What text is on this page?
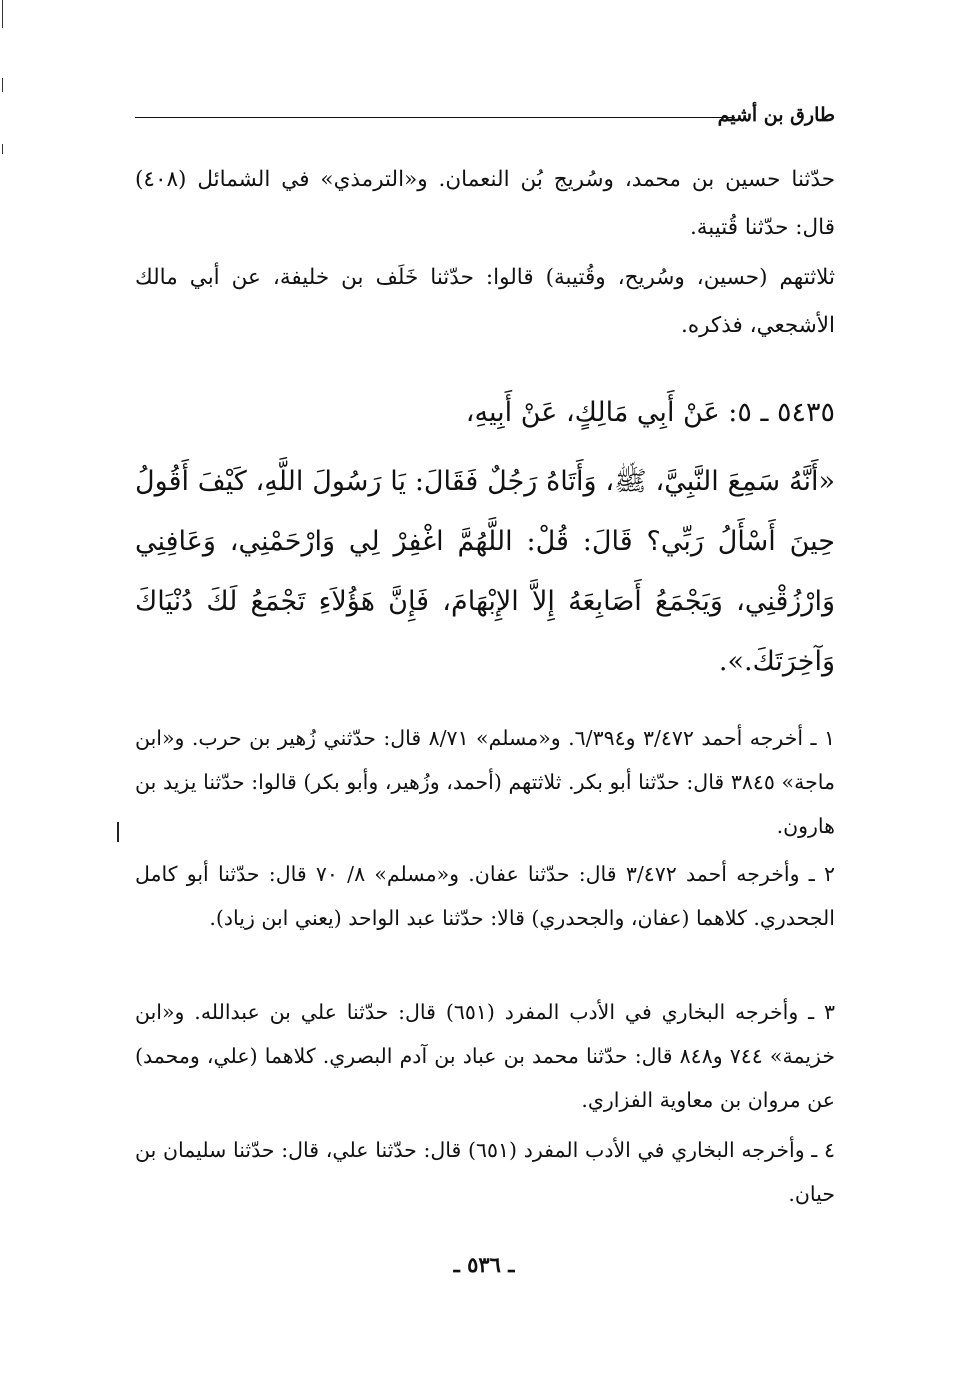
طارق بن أشيم

حدّثنا حسين بن محمد، وسُريج بُن النعمان. و«الترمذي» في الشمائل (٤٠٨) قال: حدّثنا قُتيبة.

ثلاثتهم (حسين، وسُريح، وقُتيبة) قالوا: حدّثنا خَلَف بن خليفة، عن أبي مالك الأشجعي، فذكره.

٥٤٣٥ ـ ٥: عَنْ أَبِي مَالِكٍ، عَنْ أَبِيهِ،

«أَنَّهُ سَمِعَ النَّبِيَّ، ﷺ، وَأَتَاهُ رَجُلٌ فَقَالَ: يَا رَسُولَ اللَّهِ، كَيْفَ أَقُولُ حِينَ أَسْأَلُ رَبِّي؟ قَالَ: قُلْ: اللَّهُمَّ اغْفِرْ لِي وَارْحَمْنِي، وَعَافِنِي وَارْزُقْنِي، وَيَجْمَعُ أَصَابِعَهُ إِلاَّ الإِبْهَامَ، فَإِنَّ هَؤُلاَءِ تَجْمَعُ لَكَ دُنْيَاكَ وَآخِرَتَكَ.».

١ ـ أخرجه أحمد ٣/٤٧٢ و٦/٣٩٤. و«مسلم» ٨/٧١ قال: حدّثني زُهير بن حرب. و«ابن ماجة» ٣٨٤٥ قال: حدّثنا أبو بكر. ثلاثتهم (أحمد، وزُهير، وأبو بكر) قالوا: حدّثنا يزيد بن هارون.

٢ ـ وأخرجه أحمد ٣/٤٧٢ قال: حدّثنا عفان. و«مسلم» ٨/ ٧٠ قال: حدّثنا أبو كامل الجحدري. كلاهما (عفان، والجحدري) قالا: حدّثنا عبد الواحد (يعني ابن زياد).

٣ ـ وأخرجه البخاري في الأدب المفرد (٦٥١) قال: حدّثنا علي بن عبدالله. و«ابن خزيمة» ٧٤٤ و٨٤٨ قال: حدّثنا محمد بن عباد بن آدم البصري. كلاهما (علي، ومحمد) عن مروان بن معاوية الفزاري.

٤ ـ وأخرجه البخاري في الأدب المفرد (٦٥١) قال: حدّثنا علي، قال: حدّثنا سليمان بن حيان.

ـ ٥٣٦ ـ
